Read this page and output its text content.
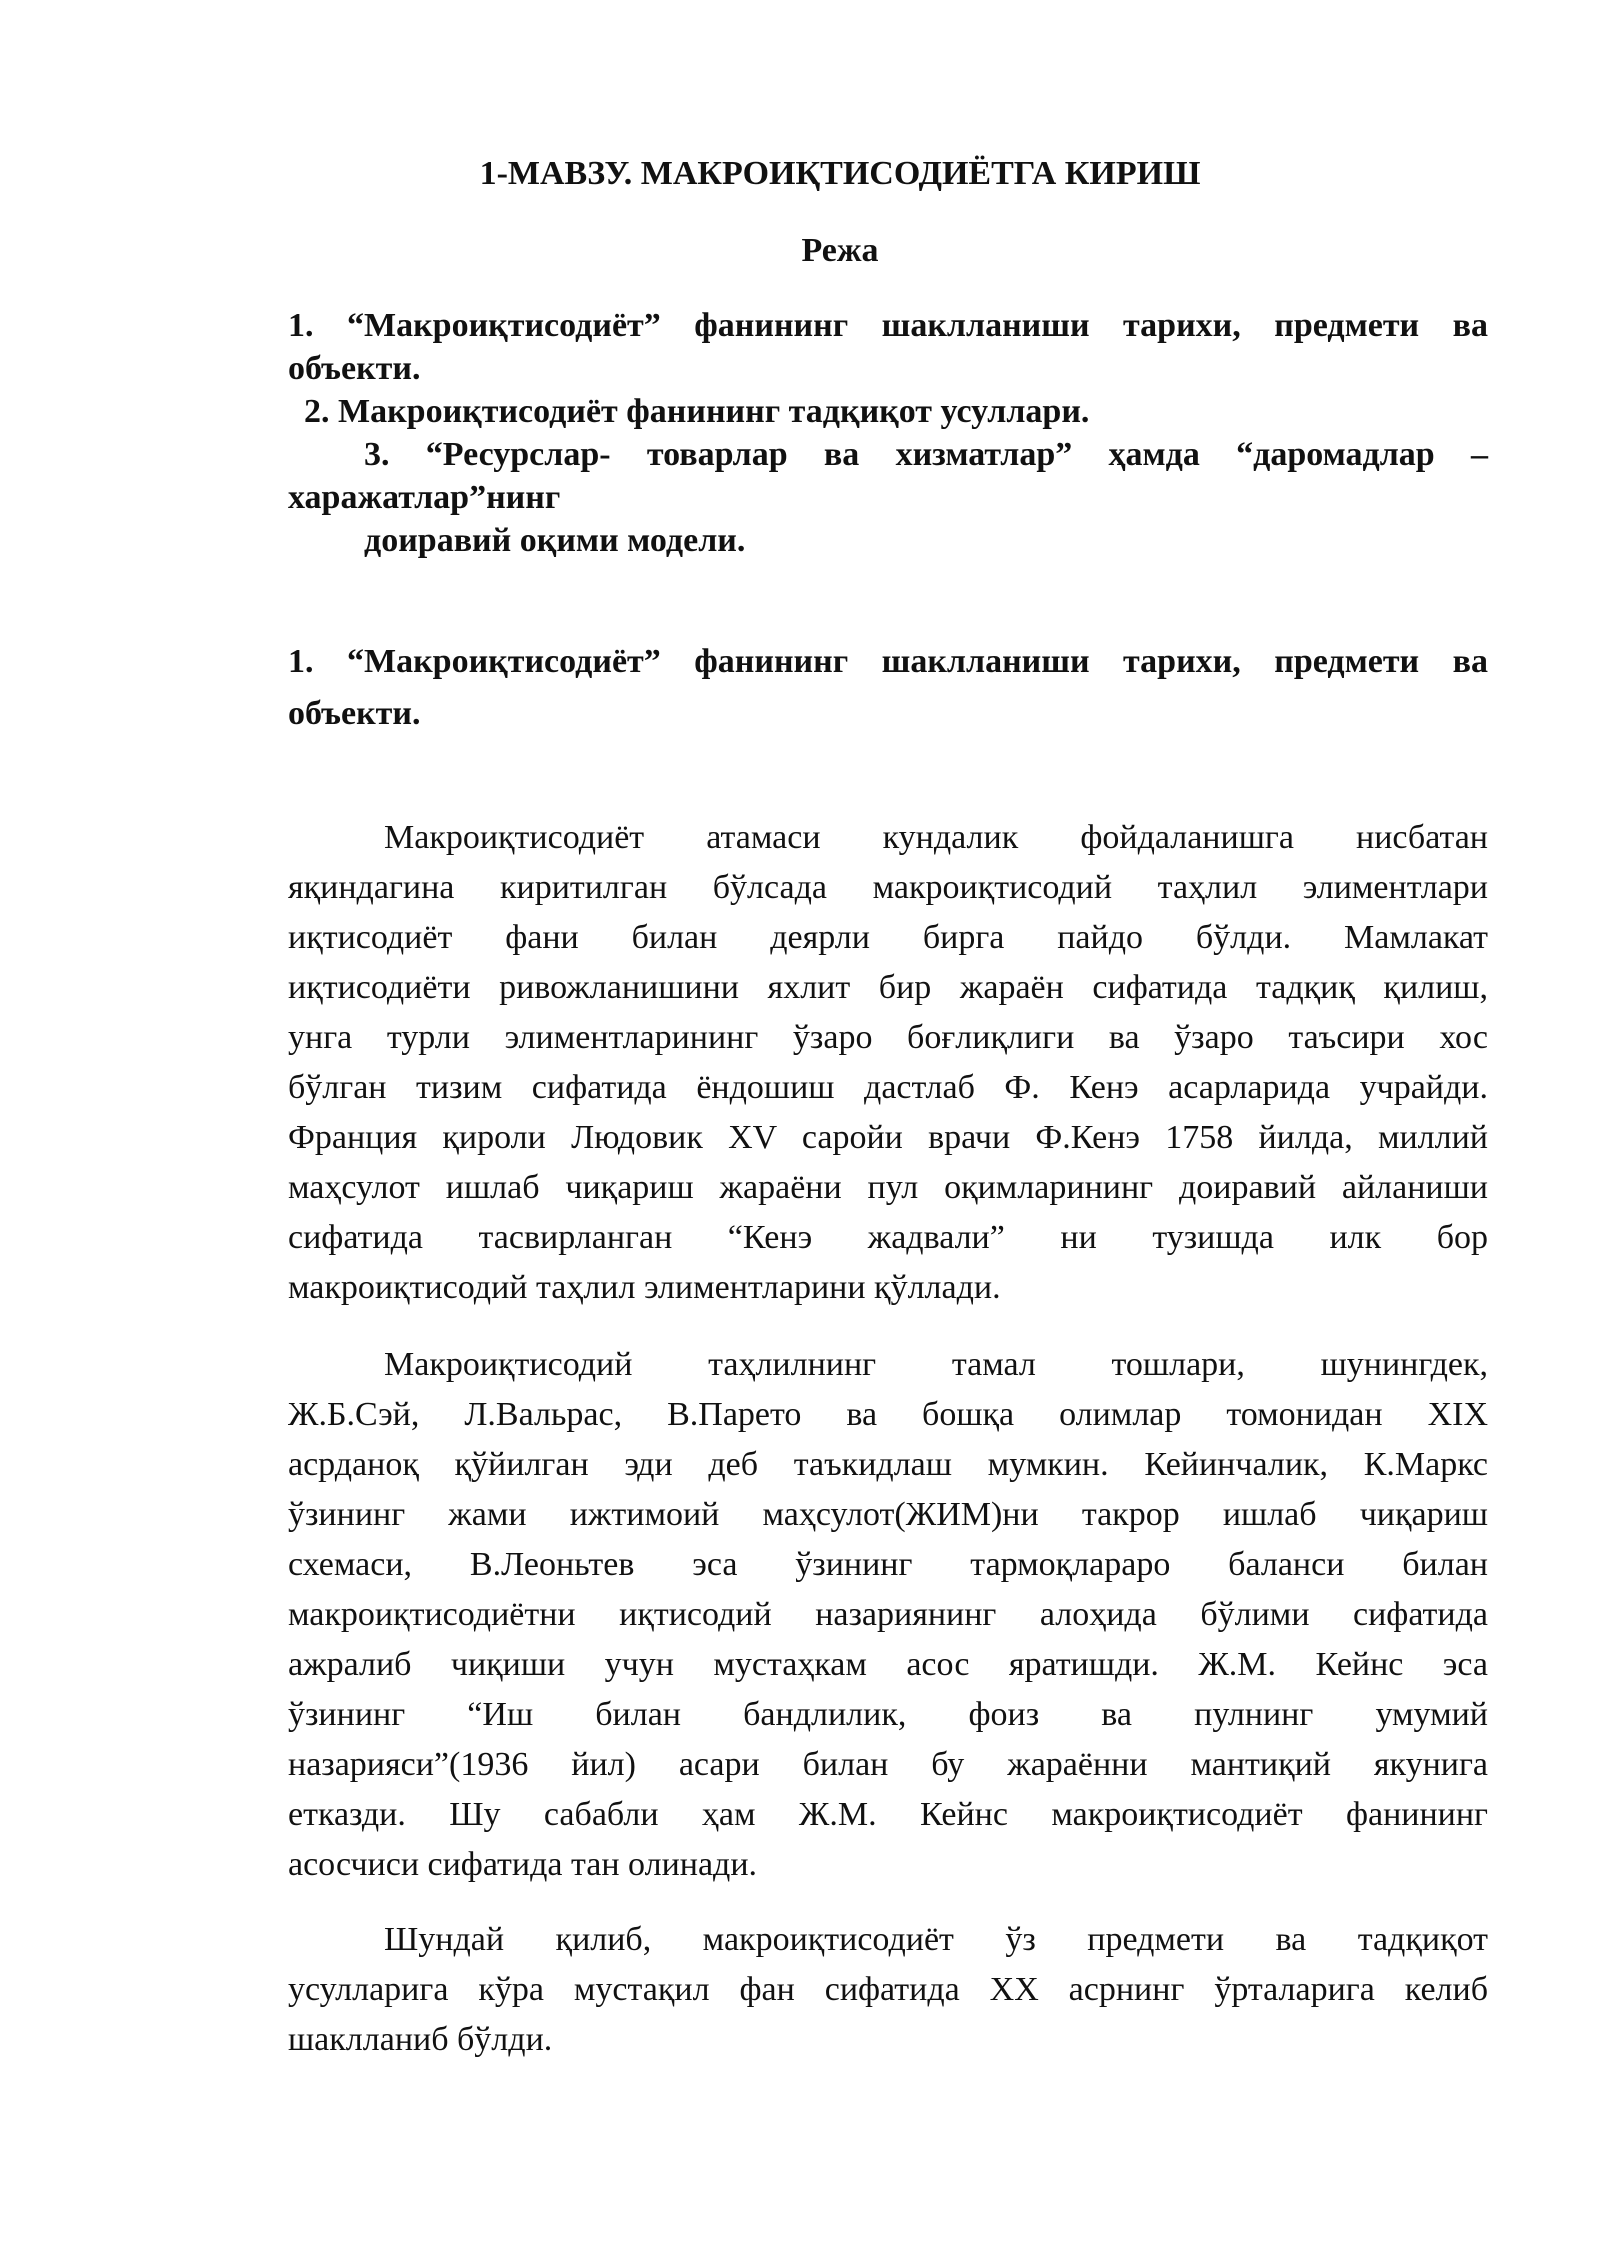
1-МАВЗУ. МАКРОИҚТИСОДИЁТГА КИРИШ
Режа
1. “Макроиқтисодиёт” фанининг шаклланиши тарихи, предмети ва
объекти.
2. Макроиқтисодиёт фанининг тадқиқот усуллари.
3. “Ресурслар- товарлар ва хизматлар” ҳамда “даромадлар –
харажатлар”нинг
доиравий оқими модели.
1. “Макроиқтисодиёт” фанининг шаклланиши тарихи, предмети ва
объекти.
Макроиқтисодиёт атамаси кундалик фойдаланишга нисбатан
яқиндагина киритилган бўлсада макроиқтисодий таҳлил элиментлари
иқтисодиёт фани билан деярли бирга пайдо бўлди. Мамлакат
иқтисодиёти ривожланишини яхлит бир жараён сифатида тадқиқ қилиш,
унга турли элиментларининг ўзаро боғлиқлиги ва ўзаро таъсири хос
бўлган тизим сифатида ёндошиш дастлаб Ф. Кенэ асарларида учрайди.
Франция қироли Людовик XV саройи врачи Ф.Кенэ 1758 йилда, миллий
маҳсулот ишлаб чиқариш жараёни пул оқимларининг доиравий айланиши
сифатида тасвирланган “Кенэ жадвали” ни тузишда илк бор
макроиқтисодий таҳлил элиментларини қўллади.
Макроиқтисодий таҳлилнинг тамал тошлари, шунингдек,
Ж.Б.Сэй, Л.Вальрас, В.Парето ва бошқа олимлар томонидан XIX
асрданоқ қўйилган эди деб таъкидлаш мумкин. Кейинчалик, К.Маркс
ўзининг жами ижтимоий маҳсулот(ЖИМ)ни такрор ишлаб чиқариш
схемаси, В.Леоньтев эса ўзининг тармоқлараро баланси билан
макроиқтисодиётни иқтисодий назариянинг алоҳида бўлими сифатида
ажралиб чиқиши учун мустаҳкам асос яратишди. Ж.М. Кейнс эса
ўзининг “Иш билан бандлилик, фоиз ва пулнинг умумий
назарияси”(1936 йил) асари билан бу жараённи мантиқий якунига
етказди. Шу сабабли ҳам Ж.М. Кейнс макроиқтисодиёт фанининг
асосчиси сифатида тан олинади.
Шундай қилиб, макроиқтисодиёт ўз предмети ва тадқиқот
усулларига кўра мустақил фан сифатида XX асрнинг ўрталарига келиб
шаклланиб бўлди.
